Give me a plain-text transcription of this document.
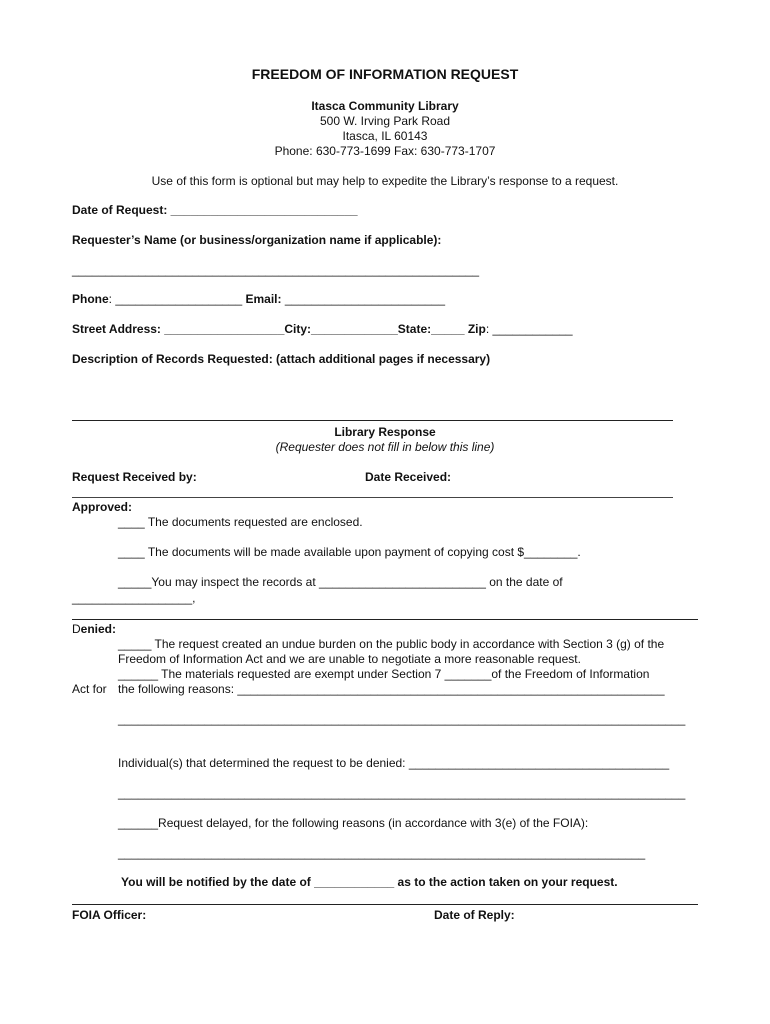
FREEDOM OF INFORMATION REQUEST
Itasca Community Library
500 W. Irving Park Road
Itasca, IL 60143
Phone: 630-773-1699 Fax: 630-773-1707
Use of this form is optional but may help to expedite the Library’s response to a request.
Date of Request: ____________________________
Requester’s Name (or business/organization name if applicable):
_____________________________________________________________
Phone: ___________________ Email: ________________________
Street Address: __________________City:_____________State:_____ Zip: ____________
Description of Records Requested: (attach additional pages if necessary)
Library Response
(Requester does not fill in below this line)
Request Received by:	Date Received:
Approved:
____ The documents requested are enclosed.
____ The documents will be made available upon payment of copying cost $________.
_____You may inspect the records at _________________________ on the date of
__________________,
Denied:
_____ The request created an undue burden on the public body in accordance with Section 3 (g) of the
Freedom of Information Act and we are unable to negotiate a more reasonable request.
______ The materials requested are exempt under Section 7 _______of the Freedom of Information
Act for the following reasons: ________________________________________________________________
_____________________________________________________________________________________
Individual(s) that determined the request to be denied: _______________________________________
_____________________________________________________________________________________
______Request delayed, for the following reasons (in accordance with 3(e) of the FOIA):
_______________________________________________________________________________
You will be notified by the date of ____________ as to the action taken on your request.
FOIA Officer:	Date of Reply:
